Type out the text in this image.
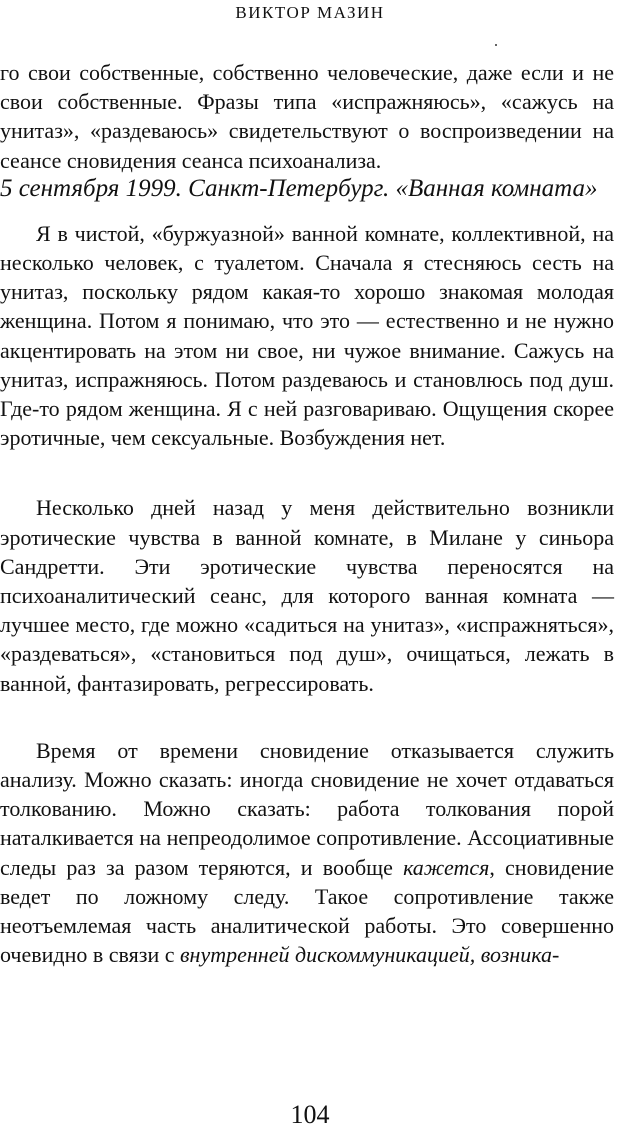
ВИКТОР МАЗИН

го свои собственные, собственно человеческие, даже если и не свои собственные. Фразы типа «испражняюсь», «сажусь на унитаз», «раздеваюсь» свидетельствуют о воспроизведении на сеансе сновидения сеанса психоанализа.

5 сентября 1999. Санкт-Петербург. «Ванная комната»

Я в чистой, «буржуазной» ванной комнате, коллективной, на несколько человек, с туалетом. Сначала я стесняюсь сесть на унитаз, поскольку рядом какая-то хорошо знакомая молодая женщина. Потом я понимаю, что это — естественно и не нужно акцентировать на этом ни свое, ни чужое внимание. Сажусь на унитаз, испражняюсь. Потом раздеваюсь и становлюсь под душ. Где-то рядом женщина. Я с ней разговариваю. Ощущения скорее эротичные, чем сексуальные. Возбуждения нет.

Несколько дней назад у меня действительно возникли эротические чувства в ванной комнате, в Милане у синьора Сандретти. Эти эротические чувства переносятся на психоаналитический сеанс, для которого ванная комната — лучшее место, где можно «садиться на унитаз», «испражняться», «раздеваться», «становиться под душ», очищаться, лежать в ванной, фантазировать, регрессировать.

Время от времени сновидение отказывается служить анализу. Можно сказать: иногда сновидение не хочет отдаваться толкованию. Можно сказать: работа толкования порой наталкивается на непреодолимое сопротивление. Ассоциативные следы раз за разом теряются, и вообще кажется, сновидение ведет по ложному следу. Такое сопротивление также неотъемлемая часть аналитической работы. Это совершенно очевидно в связи с внутренней дискоммуникацией, возника-

104
